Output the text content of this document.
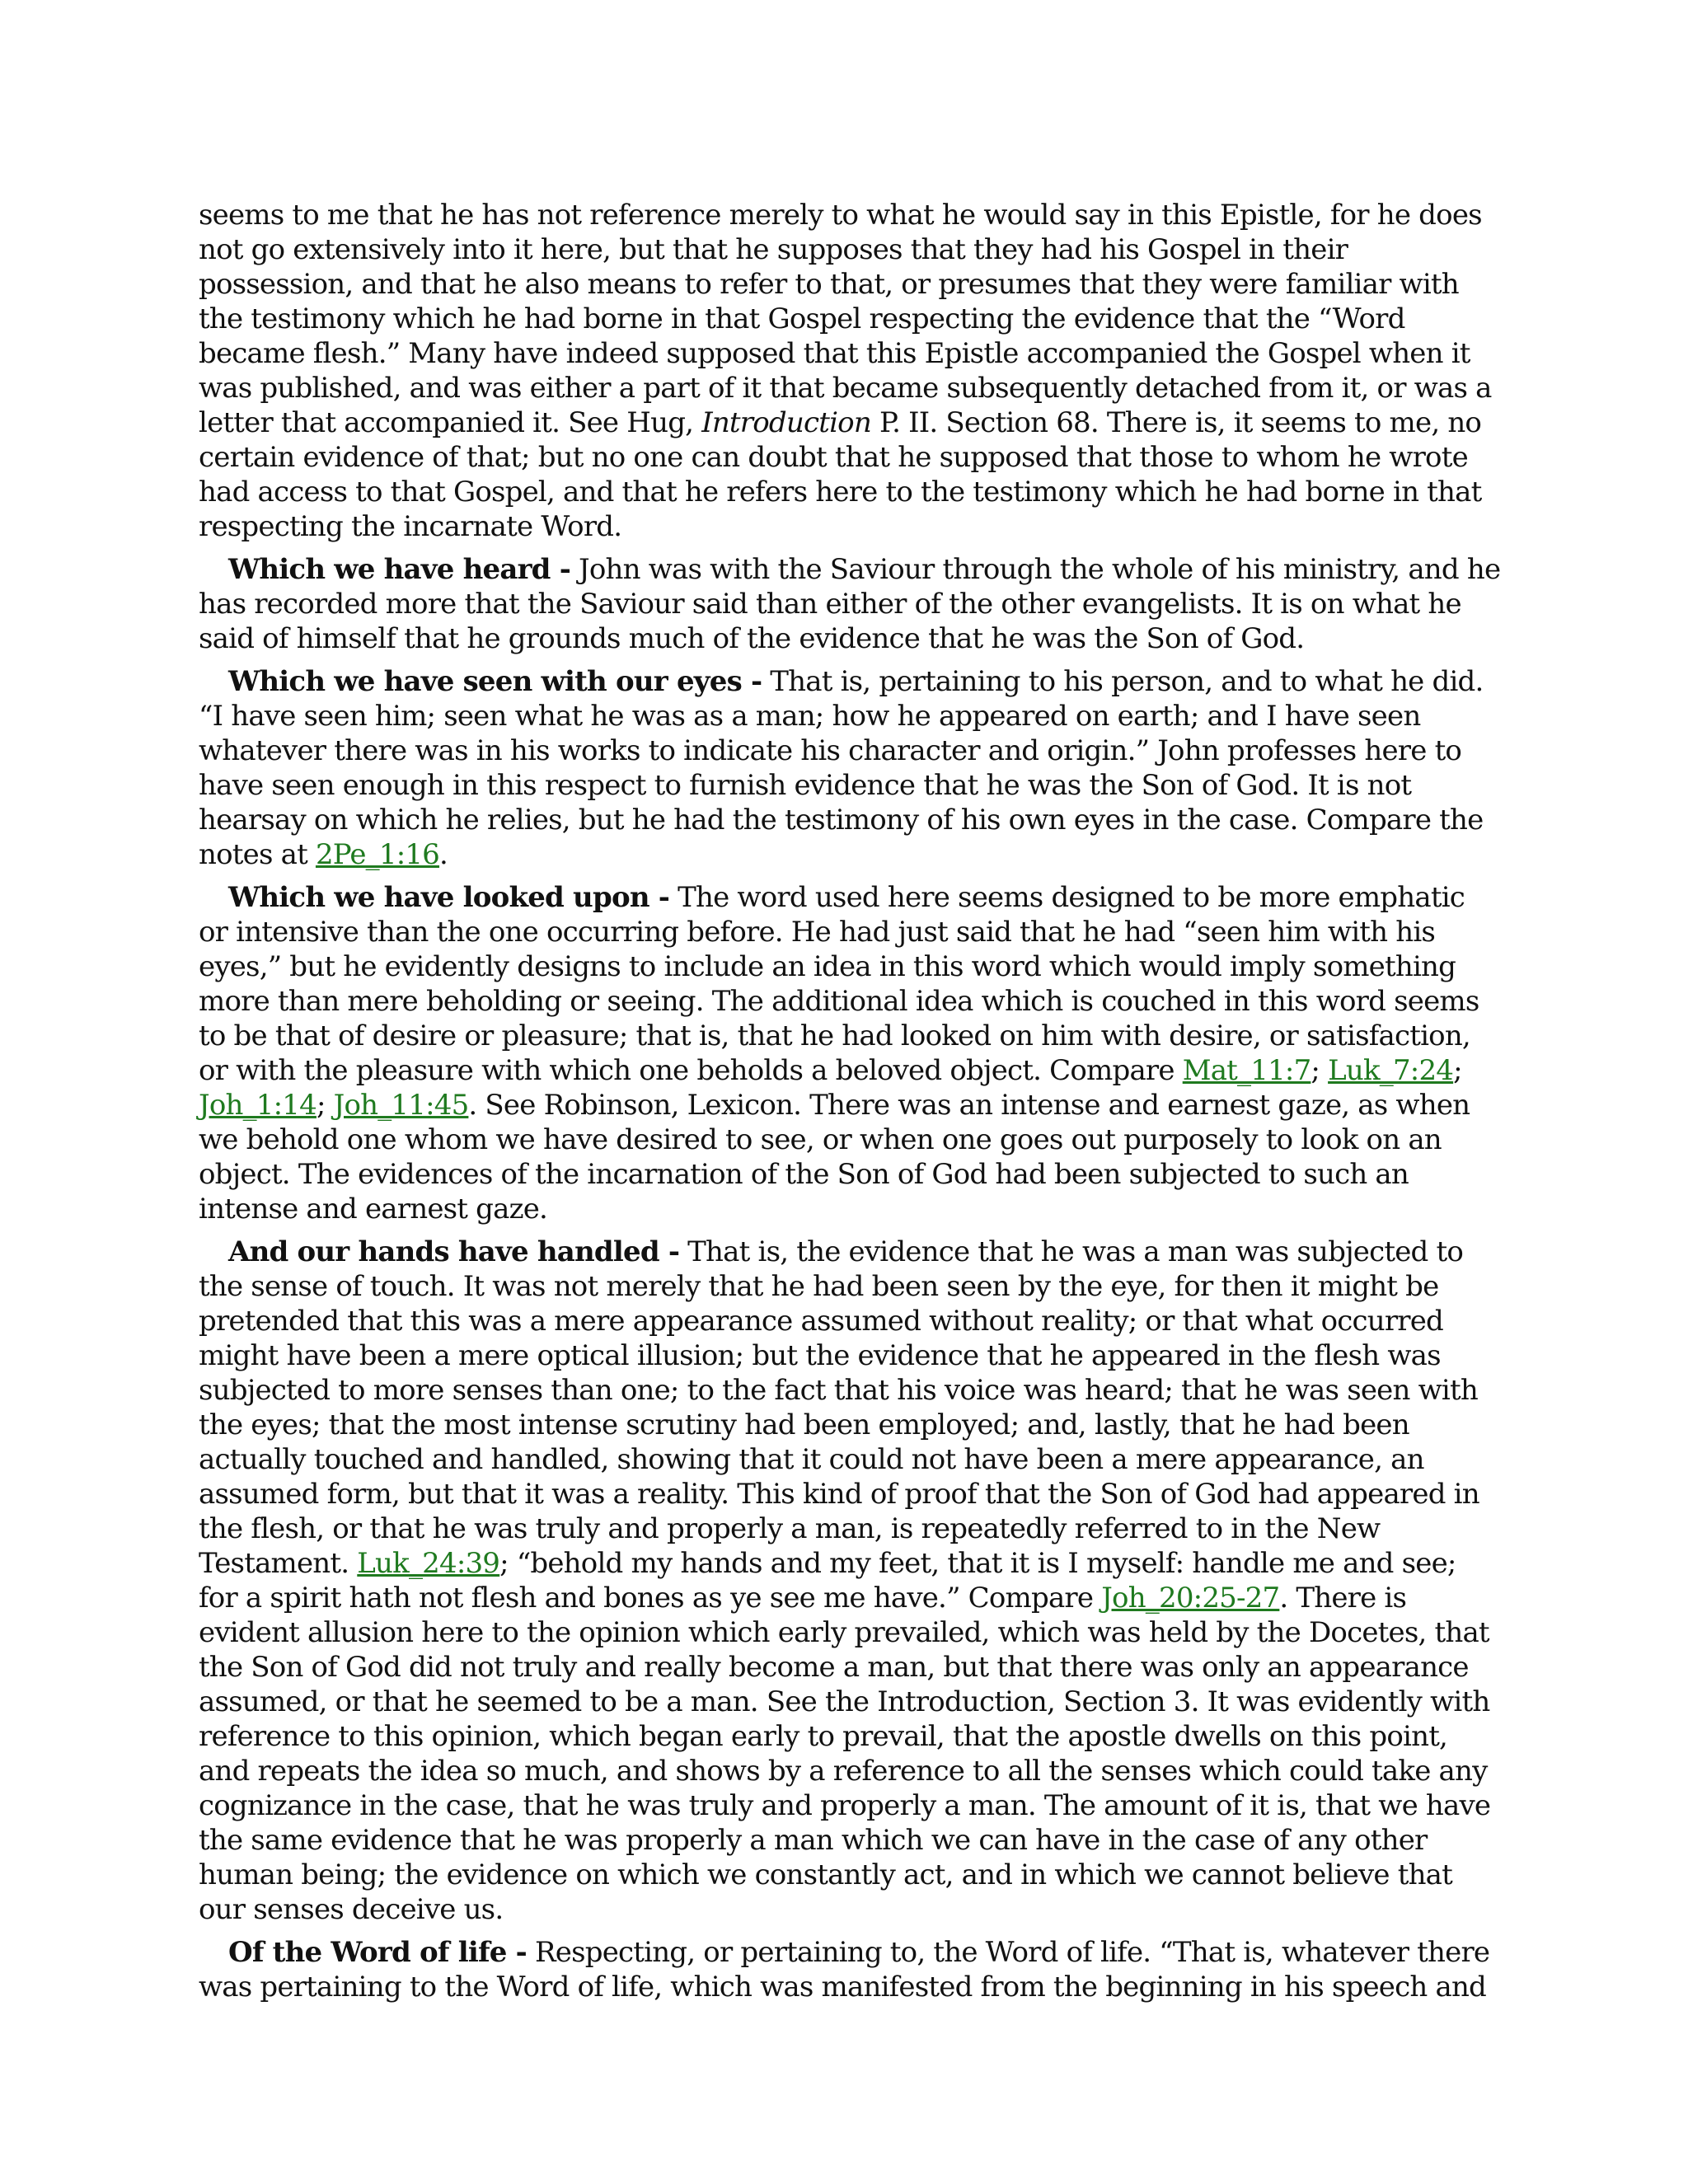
seems to me that he has not reference merely to what he would say in this Epistle, for he does not go extensively into it here, but that he supposes that they had his Gospel in their possession, and that he also means to refer to that, or presumes that they were familiar with the testimony which he had borne in that Gospel respecting the evidence that the “Word became flesh.” Many have indeed supposed that this Epistle accompanied the Gospel when it was published, and was either a part of it that became subsequently detached from it, or was a letter that accompanied it. See Hug, Introduction P. II. Section 68. There is, it seems to me, no certain evidence of that; but no one can doubt that he supposed that those to whom he wrote had access to that Gospel, and that he refers here to the testimony which he had borne in that respecting the incarnate Word.

Which we have heard - John was with the Saviour through the whole of his ministry, and he has recorded more that the Saviour said than either of the other evangelists. It is on what he said of himself that he grounds much of the evidence that he was the Son of God.

Which we have seen with our eyes - That is, pertaining to his person, and to what he did. “I have seen him; seen what he was as a man; how he appeared on earth; and I have seen whatever there was in his works to indicate his character and origin.” John professes here to have seen enough in this respect to furnish evidence that he was the Son of God. It is not hearsay on which he relies, but he had the testimony of his own eyes in the case. Compare the notes at 2Pe_1:16.

Which we have looked upon - The word used here seems designed to be more emphatic or intensive than the one occurring before. He had just said that he had “seen him with his eyes,” but he evidently designs to include an idea in this word which would imply something more than mere beholding or seeing. The additional idea which is couched in this word seems to be that of desire or pleasure; that is, that he had looked on him with desire, or satisfaction, or with the pleasure with which one beholds a beloved object. Compare Mat_11:7; Luk_7:24; Joh_1:14; Joh_11:45. See Robinson, Lexicon. There was an intense and earnest gaze, as when we behold one whom we have desired to see, or when one goes out purposely to look on an object. The evidences of the incarnation of the Son of God had been subjected to such an intense and earnest gaze.

And our hands have handled - That is, the evidence that he was a man was subjected to the sense of touch. It was not merely that he had been seen by the eye, for then it might be pretended that this was a mere appearance assumed without reality; or that what occurred might have been a mere optical illusion; but the evidence that he appeared in the flesh was subjected to more senses than one; to the fact that his voice was heard; that he was seen with the eyes; that the most intense scrutiny had been employed; and, lastly, that he had been actually touched and handled, showing that it could not have been a mere appearance, an assumed form, but that it was a reality. This kind of proof that the Son of God had appeared in the flesh, or that he was truly and properly a man, is repeatedly referred to in the New Testament. Luk_24:39; “behold my hands and my feet, that it is I myself: handle me and see; for a spirit hath not flesh and bones as ye see me have.” Compare Joh_20:25-27. There is evident allusion here to the opinion which early prevailed, which was held by the Docetes, that the Son of God did not truly and really become a man, but that there was only an appearance assumed, or that he seemed to be a man. See the Introduction, Section 3. It was evidently with reference to this opinion, which began early to prevail, that the apostle dwells on this point, and repeats the idea so much, and shows by a reference to all the senses which could take any cognizance in the case, that he was truly and properly a man. The amount of it is, that we have the same evidence that he was properly a man which we can have in the case of any other human being; the evidence on which we constantly act, and in which we cannot believe that our senses deceive us.

Of the Word of life - Respecting, or pertaining to, the Word of life. “That is, whatever there was pertaining to the Word of life, which was manifested from the beginning in his speech and
